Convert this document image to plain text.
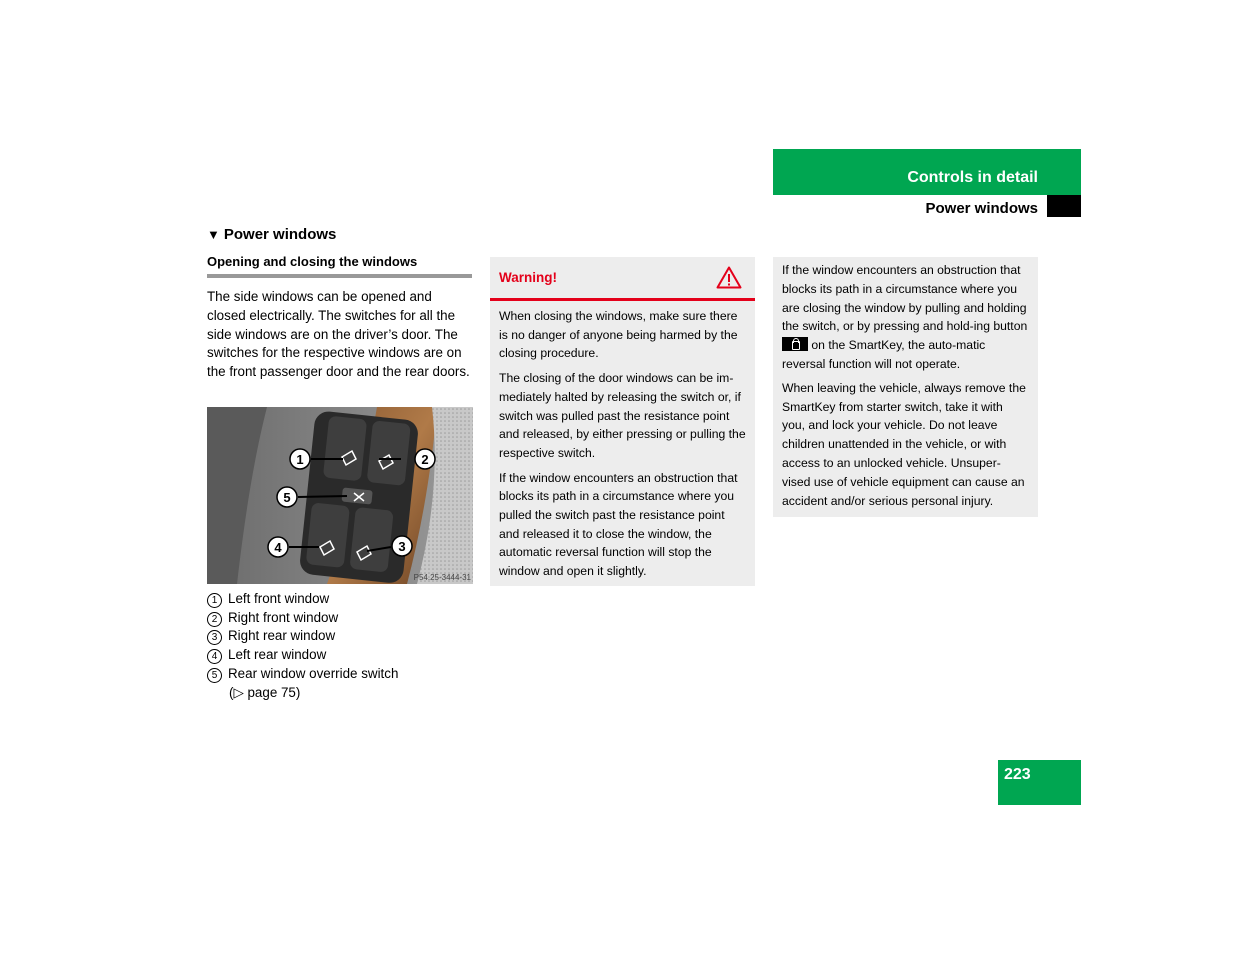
Controls in detail
Power windows
▼ Power windows
Opening and closing the windows

The side windows can be opened and closed electrically. The switches for all the side windows are on the driver’s door. The switches for the respective windows are on the front passenger door and the rear doors.

1	2
3
4
5
P54.25-3444-31
1 Left front window
2 Right front window
3 Right rear window
4 Left rear window
5 Rear window override switch
(▷ page 75)
Warning!

When closing the windows, make sure there is no danger of anyone being harmed by the closing procedure.

The closing of the door windows can be im-mediately halted by releasing the switch or, if switch was pulled past the resistance point and released, by either pressing or pulling the respective switch.

If the window encounters an obstruction that blocks its path in a circumstance where you pulled the switch past the resistance point and released it to close the window, the automatic reversal function will stop the window and open it slightly.

If the window encounters an obstruction that blocks its path in a circumstance where you are closing the window by pulling and holding the switch, or by pressing and hold-ing button  on the SmartKey, the auto-matic reversal function will not operate.

When leaving the vehicle, always remove the SmartKey from starter switch, take it with you, and lock your vehicle. Do not leave children unattended in the vehicle, or with access to an unlocked vehicle. Unsuper-vised use of vehicle equipment can cause an accident and/or serious personal injury.

223
